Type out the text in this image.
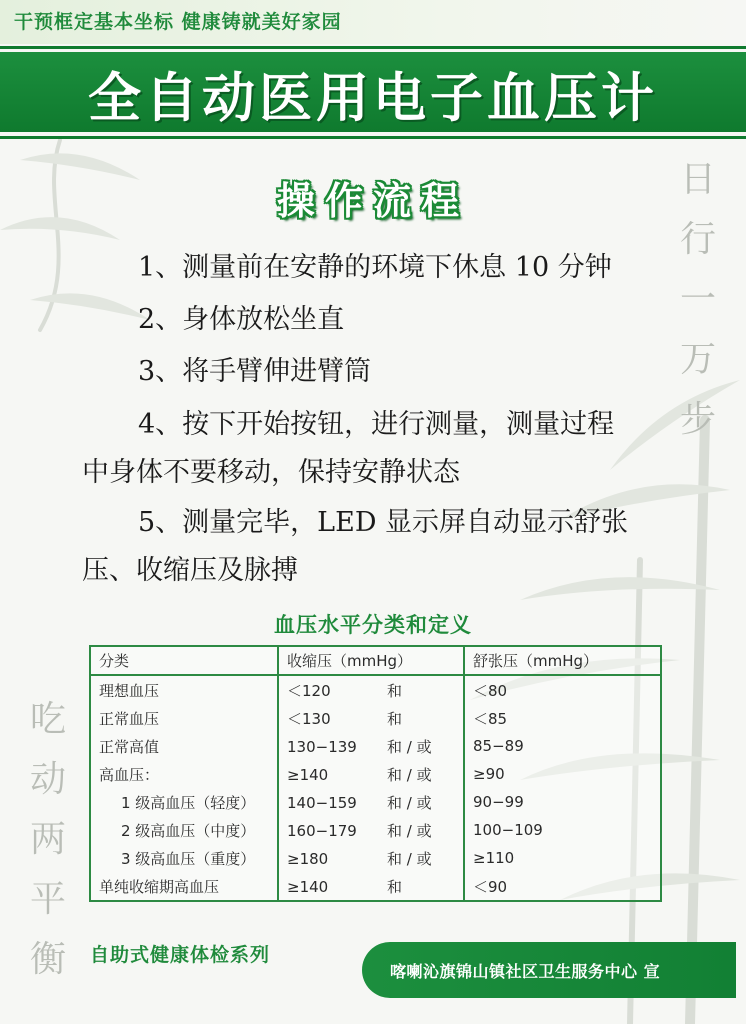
干预框定基本坐标 健康铸就美好家园
全自动医用电子血压计
操作流程
1、测量前在安静的环境下休息 10 分钟
2、身体放松坐直
3、将手臂伸进臂筒
4、按下开始按钮，进行测量，测量过程
中身体不要移动，保持安静状态
5、测量完毕，LED 显示屏自动显示舒张
压、收缩压及脉搏
日行一万步
吃动两平衡
血压水平分类和定义
分类	收缩压（mmHg）	舒张压（mmHg）
理想血压	＜120 和	＜80
正常血压	＜130 和	＜85
正常高值	130−139 和 / 或	85−89
高血压：	≥140 和 / 或	≥90
1 级高血压（轻度）	140−159 和 / 或	90−99
2 级高血压（中度）	160−179 和 / 或	100−109
3 级高血压（重度）	≥180 和 / 或	≥110
单纯收缩期高血压	≥140 和	＜90
自助式健康体检系列
喀喇沁旗锦山镇社区卫生服务中心 宣
